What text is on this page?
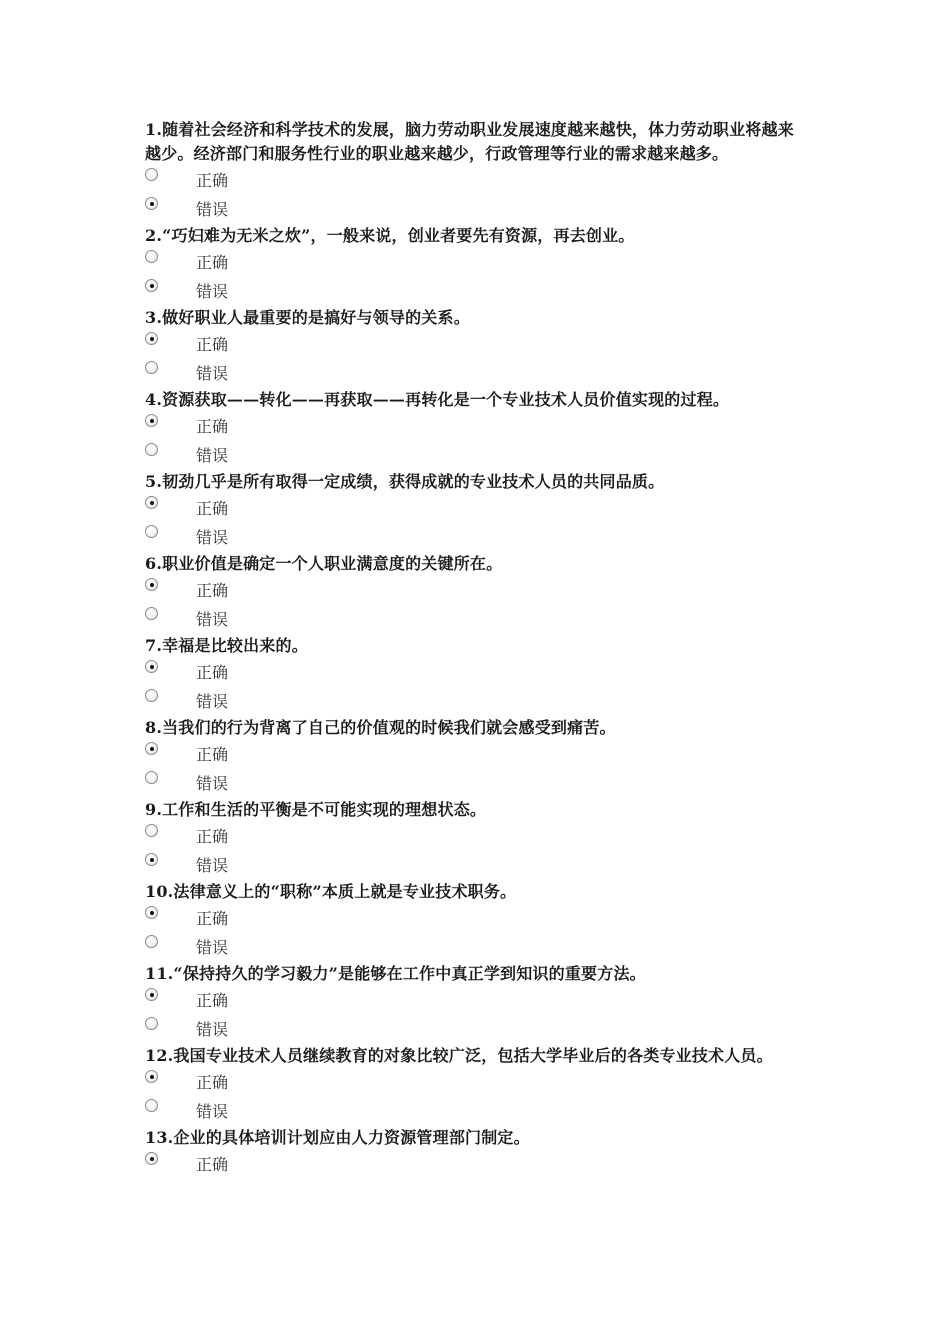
1.随着社会经济和科学技术的发展，脑力劳动职业发展速度越来越快，体力劳动职业将越来越少。经济部门和服务性行业的职业越来越少，行政管理等行业的需求越来越多。
正确
错误
2.“巧妇难为无米之炊”，一般来说，创业者要先有资源，再去创业。
正确
错误
3.做好职业人最重要的是搞好与领导的关系。
正确
错误
4.资源获取——转化——再获取——再转化是一个专业技术人员价值实现的过程。
正确
错误
5.韧劲几乎是所有取得一定成绩，获得成就的专业技术人员的共同品质。
正确
错误
6.职业价值是确定一个人职业满意度的关键所在。
正确
错误
7.幸福是比较出来的。
正确
错误
8.当我们的行为背离了自己的价值观的时候我们就会感受到痛苦。
正确
错误
9.工作和生活的平衡是不可能实现的理想状态。
正确
错误
10.法律意义上的“职称”本质上就是专业技术职务。
正确
错误
11.“保持持久的学习毅力”是能够在工作中真正学到知识的重要方法。
正确
错误
12.我国专业技术人员继续教育的对象比较广泛，包括大学毕业后的各类专业技术人员。
正确
错误
13.企业的具体培训计划应由人力资源管理部门制定。
正确
